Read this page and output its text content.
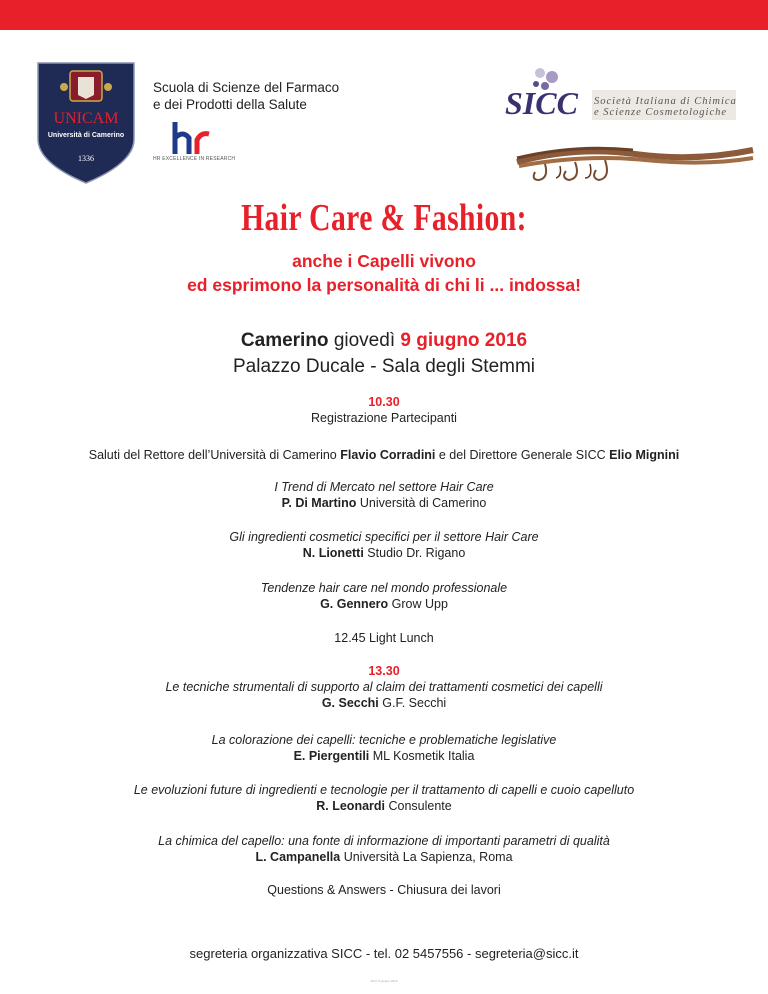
UNICAM
Università di Camerino
1336
Scuola di Scienze del Farmaco
e dei Prodotti della Salute
HR EXCELLENCE IN RESEARCH
SICC Società Italiana di Chimica
e Scienze Cosmetologiche
Hair Care & Fashion:
anche i Capelli vivono
ed esprimono la personalità di chi li ... indossa!
Camerino giovedì 9 giugno 2016
Palazzo Ducale - Sala degli Stemmi
10.30
Registrazione Partecipanti
Saluti del Rettore dell’Università di Camerino Flavio Corradini e del Direttore Generale SICC Elio Mignini
I Trend di Mercato nel settore Hair Care
P. Di Martino Università di Camerino
Gli ingredienti cosmetici specifici per il settore Hair Care
N. Lionetti Studio Dr. Rigano
Tendenze hair care nel mondo professionale
G. Gennero Grow Upp
12.45 Light Lunch
13.30
Le tecniche strumentali di supporto al claim dei trattamenti cosmetici dei capelli
G. Secchi G.F. Secchi
La colorazione dei capelli: tecniche e problematiche legislative
E. Piergentili ML Kosmetik Italia
Le evoluzioni future di ingredienti e tecnologie per il trattamento di capelli e cuoio capelluto
R. Leonardi Consulente
La chimica del capello: una fonte di informazione di importanti parametri di qualità
L. Campanella Università La Sapienza, Roma
Questions & Answers - Chiusura dei lavori
segreteria organizzativa SICC - tel. 02 5457556 - segreteria@sicc.it
SICC 9 giugno 2016
